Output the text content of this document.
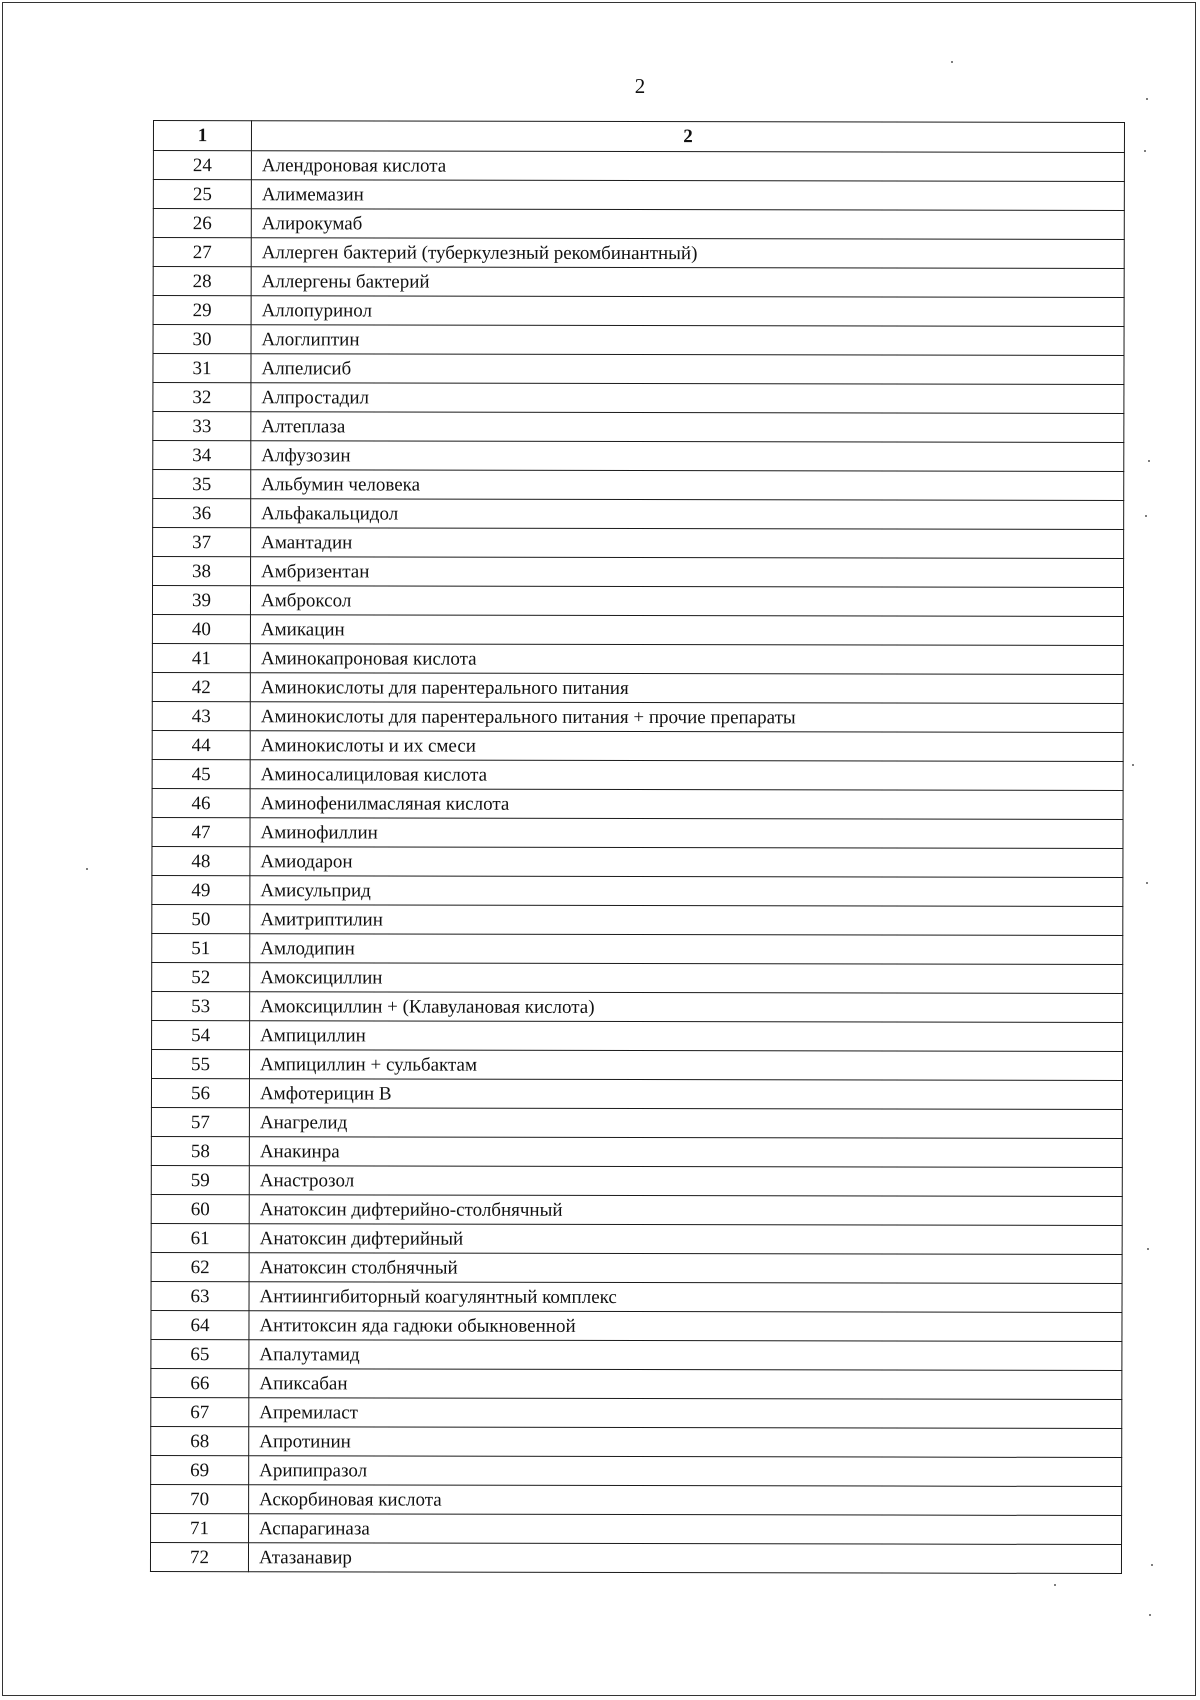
2
1	2
24	Алендроновая кислота
25	Алимемазин
26	Алирокумаб
27	Аллерген бактерий (туберкулезный рекомбинантный)
28	Аллергены бактерий
29	Аллопуринол
30	Алоглиптин
31	Алпелисиб
32	Алпростадил
33	Алтеплаза
34	Алфузозин
35	Альбумин человека
36	Альфакальцидол
37	Амантадин
38	Амбризентан
39	Амброксол
40	Амикацин
41	Аминокапроновая кислота
42	Аминокислоты для парентерального питания
43	Аминокислоты для парентерального питания + прочие препараты
44	Аминокислоты и их смеси
45	Аминосалициловая кислота
46	Аминофенилмасляная кислота
47	Аминофиллин
48	Амиодарон
49	Амисульприд
50	Амитриптилин
51	Амлодипин
52	Амоксициллин
53	Амоксициллин + (Клавулановая кислота)
54	Ампициллин
55	Ампициллин + сульбактам
56	Амфотерицин В
57	Анагрелид
58	Анакинра
59	Анастрозол
60	Анатоксин дифтерийно-столбнячный
61	Анатоксин дифтерийный
62	Анатоксин столбнячный
63	Антиингибиторный коагулянтный комплекс
64	Антитоксин яда гадюки обыкновенной
65	Апалутамид
66	Апиксабан
67	Апремиласт
68	Апротинин
69	Арипипразол
70	Аскорбиновая кислота
71	Аспарагиназа
72	Атазанавир
